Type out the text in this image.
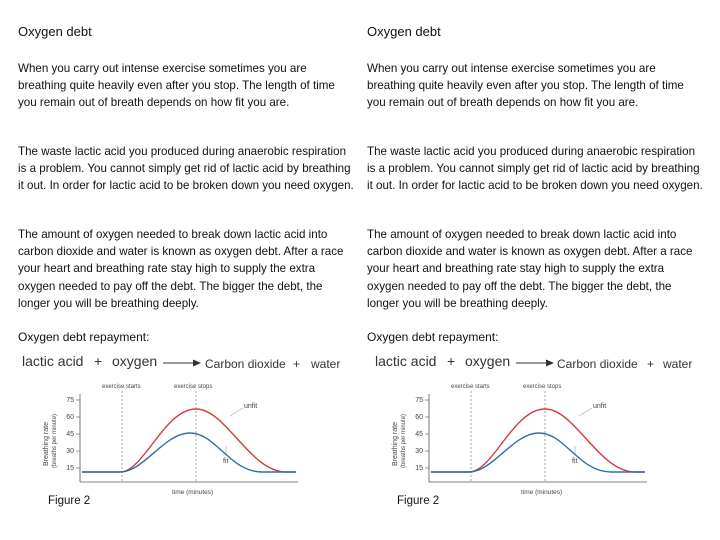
Oxygen debt
When you carry out intense exercise sometimes you are breathing quite heavily even after you stop. The length of time you remain out of breath depends on how fit you are.
The waste lactic acid you produced during anaerobic respiration is a problem. You cannot simply get rid of lactic acid by breathing it out. In order for lactic acid to be broken down you need oxygen.
The amount of oxygen needed to break down lactic acid into carbon dioxide and water is known as oxygen debt. After a race your heart and breathing rate stay high to supply the extra oxygen needed to pay off the debt. The bigger the debt, the longer you will be breathing deeply.
Oxygen debt repayment:
lactic acid + oxygen	Carbon dioxide + water
exercise starts	exercise stops
75
60
45
30
15
Breathing rate (breaths per minute)
time (minutes)
unfit
fit
Figure 2
Oxygen debt
When you carry out intense exercise sometimes you are breathing quite heavily even after you stop. The length of time you remain out of breath depends on how fit you are.
The waste lactic acid you produced during anaerobic respiration is a problem. You cannot simply get rid of lactic acid by breathing it out. In order for lactic acid to be broken down you need oxygen.
The amount of oxygen needed to break down lactic acid into carbon dioxide and water is known as oxygen debt. After a race your heart and breathing rate stay high to supply the extra oxygen needed to pay off the debt. The bigger the debt, the longer you will be breathing deeply.
Oxygen debt repayment:
lactic acid + oxygen	Carbon dioxide + water
exercise starts	exercise stops
75
60
45
30
15
Breathing rate (breaths per minute)
time (minutes)
unfit
fit
Figure 2
